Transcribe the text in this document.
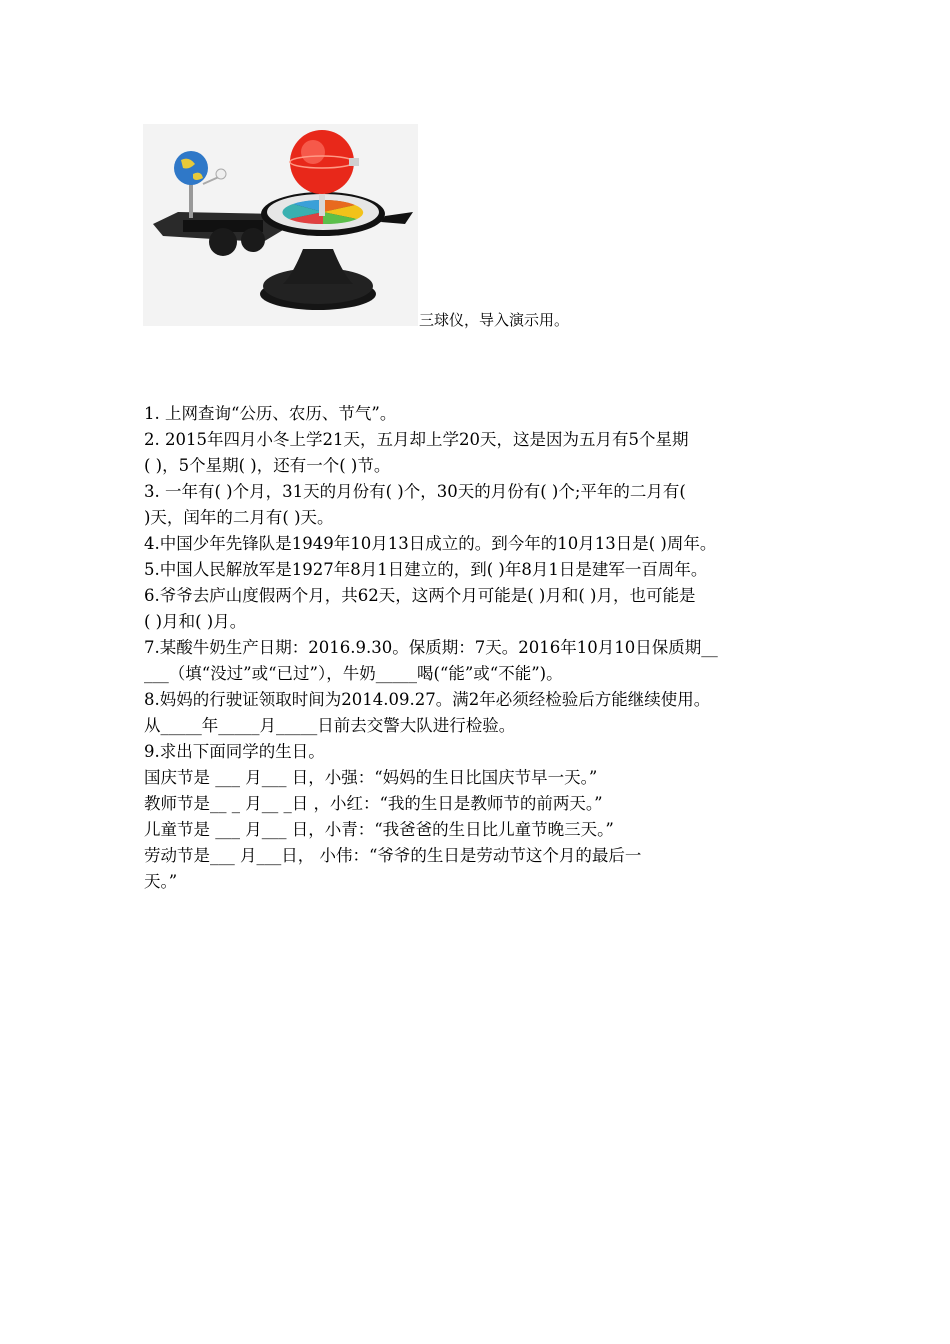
三球仪，导入演示用。
1. 上网查询“公历、农历、节气”。
2. 2015年四月小冬上学21天，五月却上学20天，这是因为五月有5个星期
( )，5个星期( )，还有一个( )节。
3. 一年有( )个月，31天的月份有( )个，30天的月份有( )个;平年的二月有(
)天，闰年的二月有( )天。
4.中国少年先锋队是1949年10月13日成立的。到今年的10月13日是( )周年。
5.中国人民解放军是1927年8月1日建立的，到( )年8月1日是建军一百周年。
6.爷爷去庐山度假两个月，共62天，这两个月可能是( )月和( )月，也可能是
( )月和( )月。
7.某酸牛奶生产日期：2016.9.30。保质期：7天。2016年10月10日保质期__
___（填“没过”或“已过”），牛奶_____喝(“能”或“不能”)。
8.妈妈的行驶证领取时间为2014.09.27。满2年必须经检验后方能继续使用。
从_____年_____月_____日前去交警大队进行检验。
9.求出下面同学的生日。
国庆节是 ___ 月___ 日，小强：“妈妈的生日比国庆节早一天。”
教师节是__ _ 月__ _日 ，小红：“我的生日是教师节的前两天。”
儿童节是 ___ 月___ 日，小青：“我爸爸的生日比儿童节晚三天。”
劳动节是___ 月___日， 小伟：“爷爷的生日是劳动节这个月的最后一
天。”
